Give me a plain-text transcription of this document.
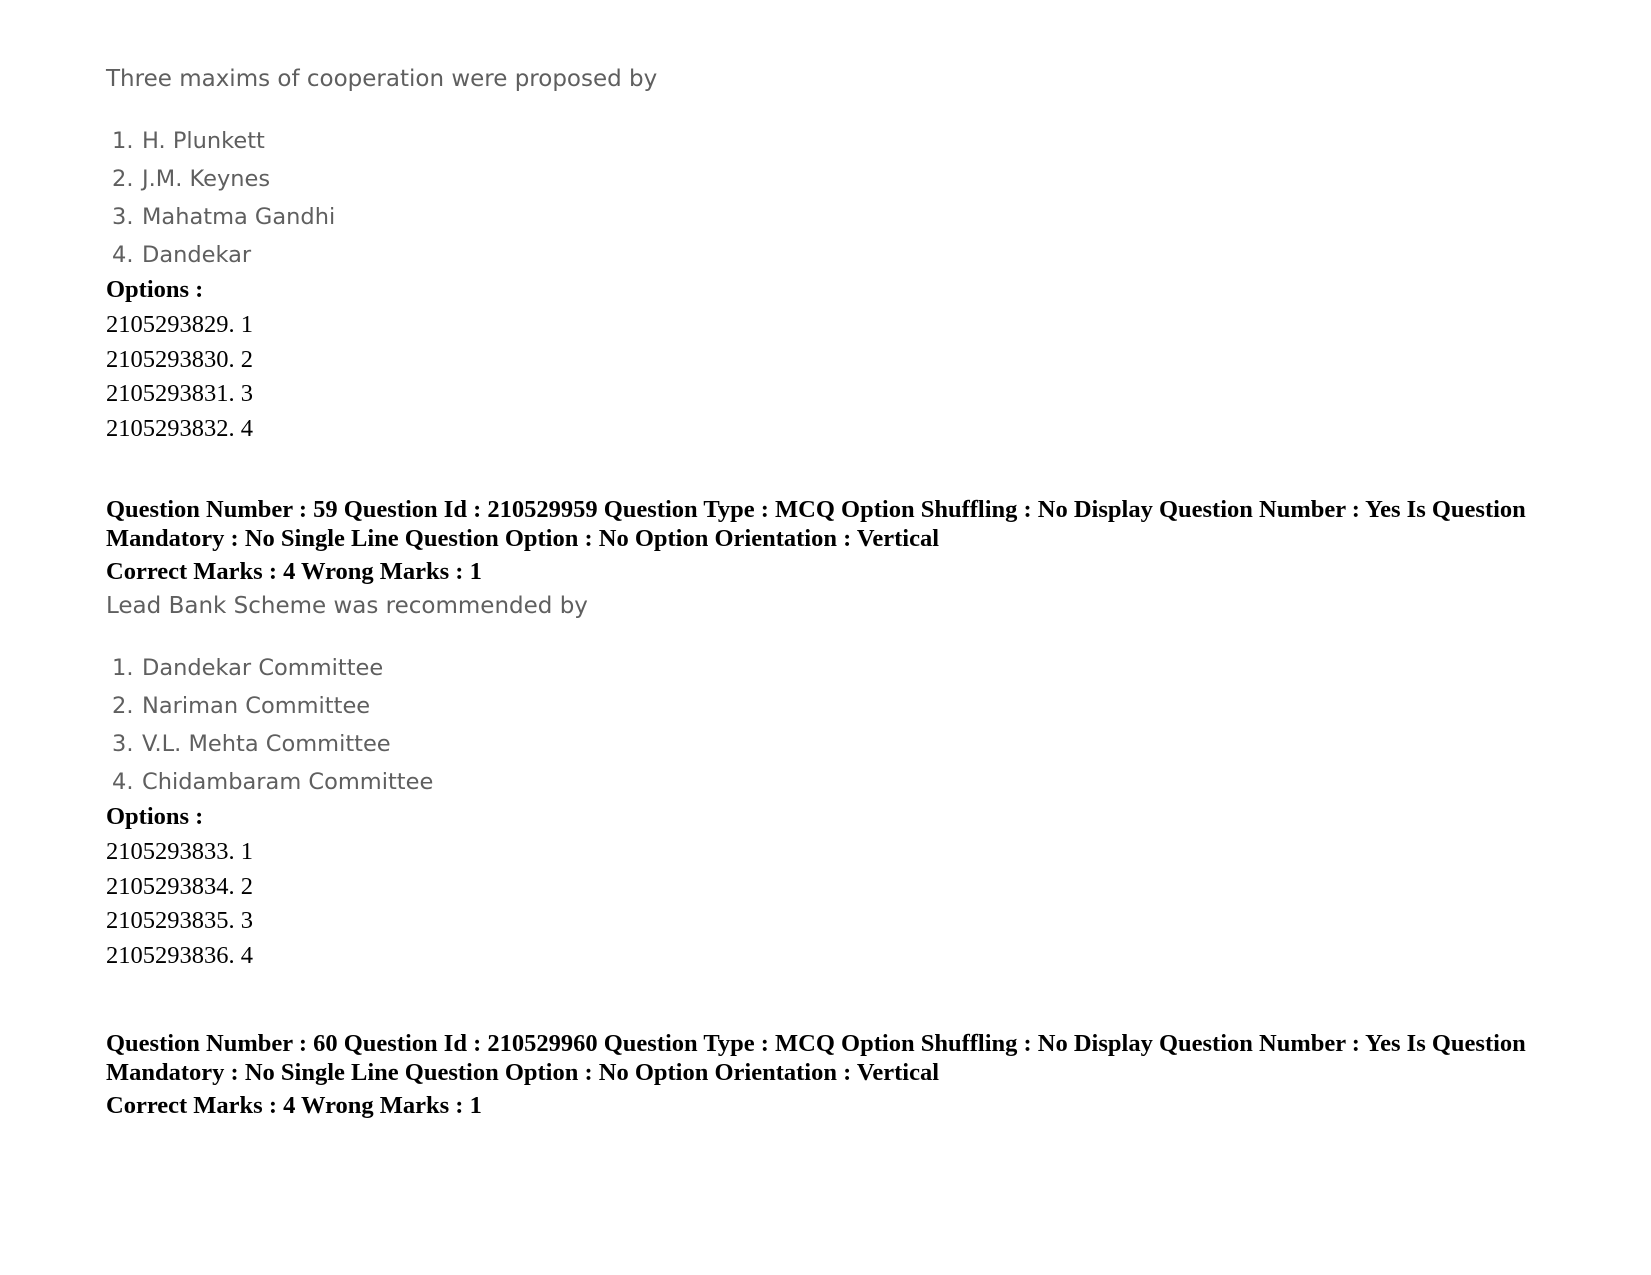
Three maxims of cooperation were proposed by

1. H. Plunkett
2. J.M. Keynes
3. Mahatma Gandhi
4. Dandekar
Options :
2105293829. 1
2105293830. 2
2105293831. 3
2105293832. 4

Question Number : 59 Question Id : 210529959 Question Type : MCQ Option Shuffling : No Display Question Number : Yes Is Question Mandatory : No Single Line Question Option : No Option Orientation : Vertical

Correct Marks : 4 Wrong Marks : 1

Lead Bank Scheme was recommended by

1. Dandekar Committee
2. Nariman Committee
3. V.L. Mehta Committee
4. Chidambaram Committee
Options :
2105293833. 1
2105293834. 2
2105293835. 3
2105293836. 4

Question Number : 60 Question Id : 210529960 Question Type : MCQ Option Shuffling : No Display Question Number : Yes Is Question Mandatory : No Single Line Question Option : No Option Orientation : Vertical

Correct Marks : 4 Wrong Marks : 1
